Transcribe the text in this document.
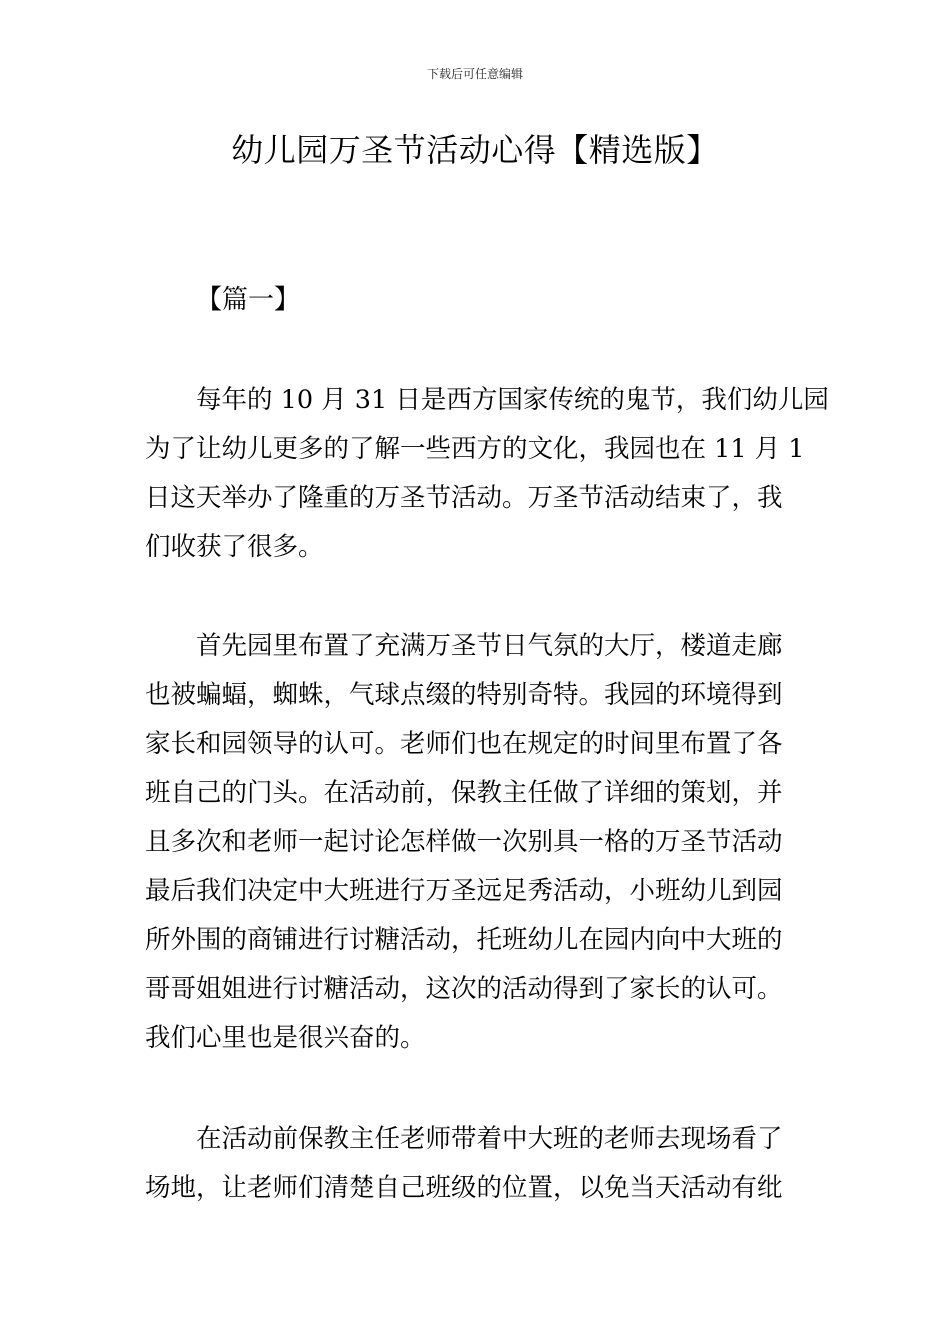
下载后可任意编辑
幼儿园万圣节活动心得【精选版】
【篇一】
　　每年的 10 月 31 日是西方国家传统的鬼节，我们幼儿园
为了让幼儿更多的了解一些西方的文化，我园也在 11 月 1
日这天举办了隆重的万圣节活动。万圣节活动结束了，我
们收获了很多。
　　首先园里布置了充满万圣节日气氛的大厅，楼道走廊
也被蝙蝠，蜘蛛，气球点缀的特别奇特。我园的环境得到
家长和园领导的认可。老师们也在规定的时间里布置了各
班自己的门头。在活动前，保教主任做了详细的策划，并
且多次和老师一起讨论怎样做一次别具一格的万圣节活动
最后我们决定中大班进行万圣远足秀活动，小班幼儿到园
所外围的商铺进行讨糖活动，托班幼儿在园内向中大班的
哥哥姐姐进行讨糖活动，这次的活动得到了家长的认可。
我们心里也是很兴奋的。
　　在活动前保教主任老师带着中大班的老师去现场看了
场地，让老师们清楚自己班级的位置，以免当天活动有纰
